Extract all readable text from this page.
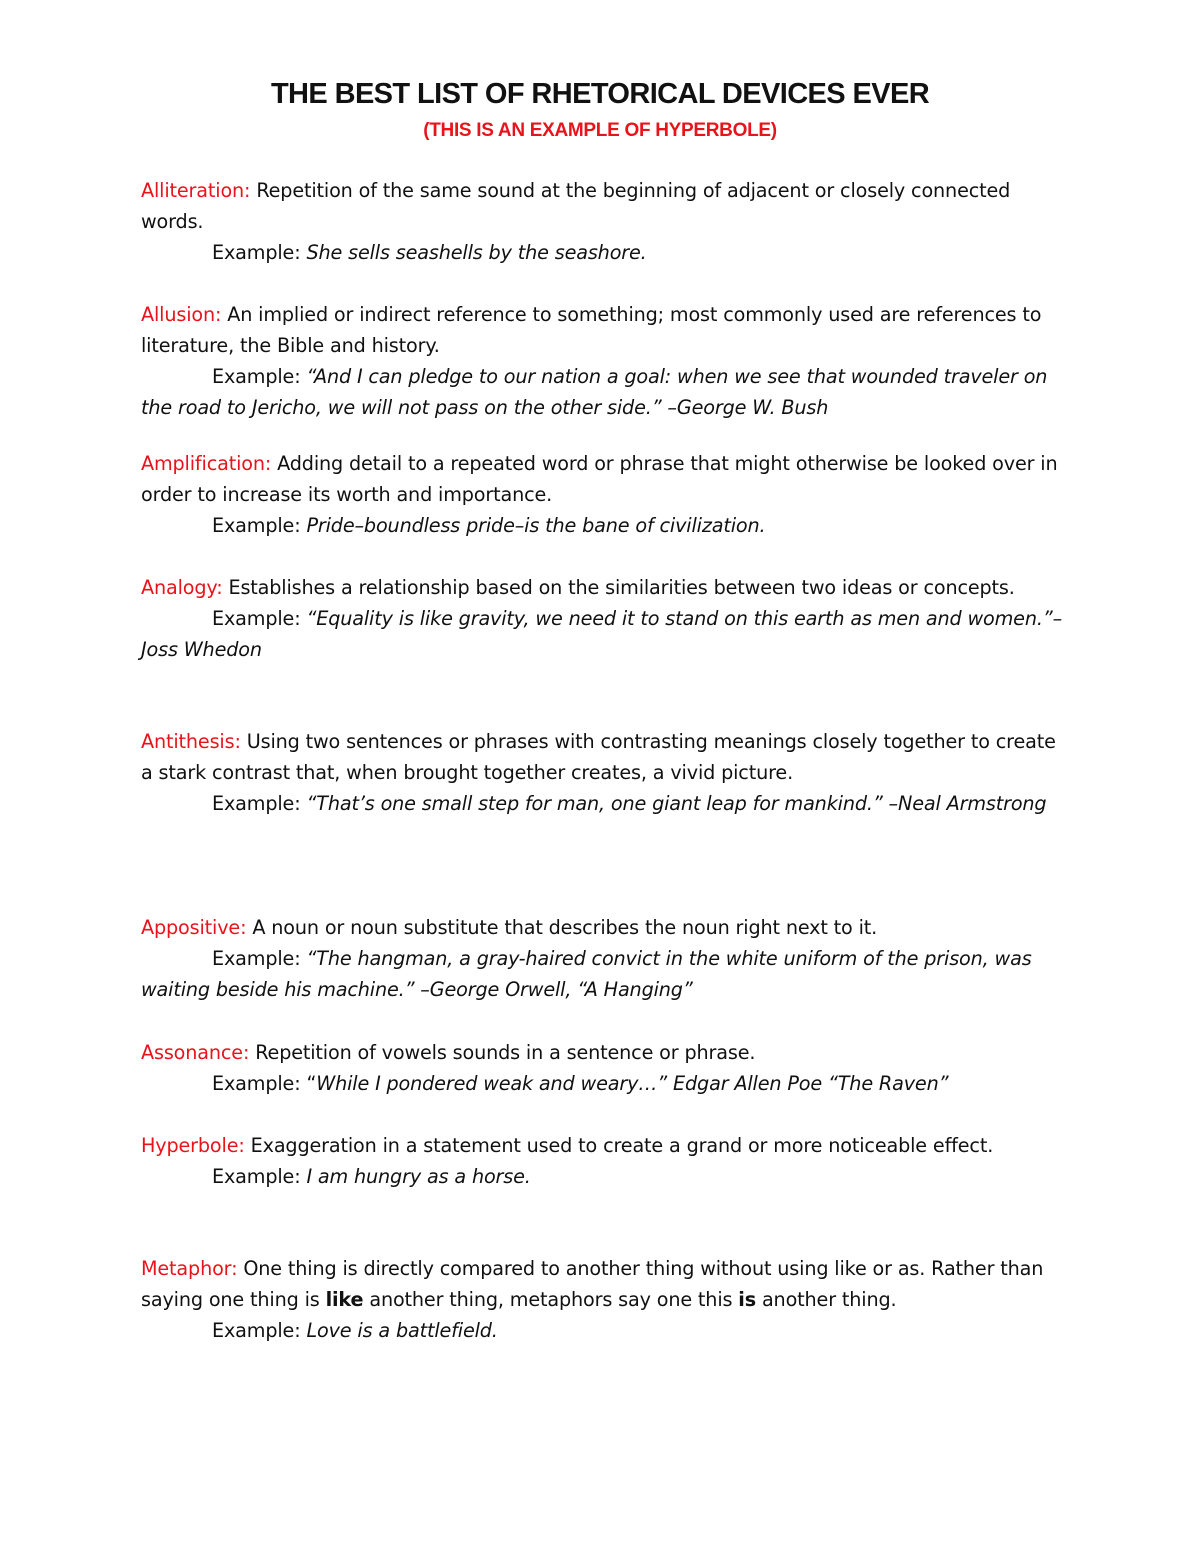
THE BEST LIST OF RHETORICAL DEVICES EVER
(THIS IS AN EXAMPLE OF HYPERBOLE)

Alliteration: Repetition of the same sound at the beginning of adjacent or closely connected words.

Example: She sells seashells by the seashore.

Allusion: An implied or indirect reference to something; most commonly used are references to literature, the Bible and history.

Example: “And I can pledge to our nation a goal: when we see that wounded traveler on the road to Jericho, we will not pass on the other side.” –George W. Bush

Amplification: Adding detail to a repeated word or phrase that might otherwise be looked over in order to increase its worth and importance.

Example: Pride–boundless pride–is the bane of civilization.

Analogy: Establishes a relationship based on the similarities between two ideas or concepts.

Example: “Equality is like gravity, we need it to stand on this earth as men and women.”–Joss Whedon

Antithesis: Using two sentences or phrases with contrasting meanings closely together to create a stark contrast that, when brought together creates, a vivid picture.

Example: “That’s one small step for man, one giant leap for mankind.” –Neal Armstrong

Appositive: A noun or noun substitute that describes the noun right next to it.

Example: “The hangman, a gray-haired convict in the white uniform of the prison, was waiting beside his machine.” –George Orwell, “A Hanging”

Assonance: Repetition of vowels sounds in a sentence or phrase.

Example: “While I pondered weak and weary…” Edgar Allen Poe “The Raven”

Hyperbole: Exaggeration in a statement used to create a grand or more noticeable effect.

Example: I am hungry as a horse.

Metaphor: One thing is directly compared to another thing without using like or as. Rather than saying one thing is like another thing, metaphors say one this is another thing.

Example: Love is a battlefield.
